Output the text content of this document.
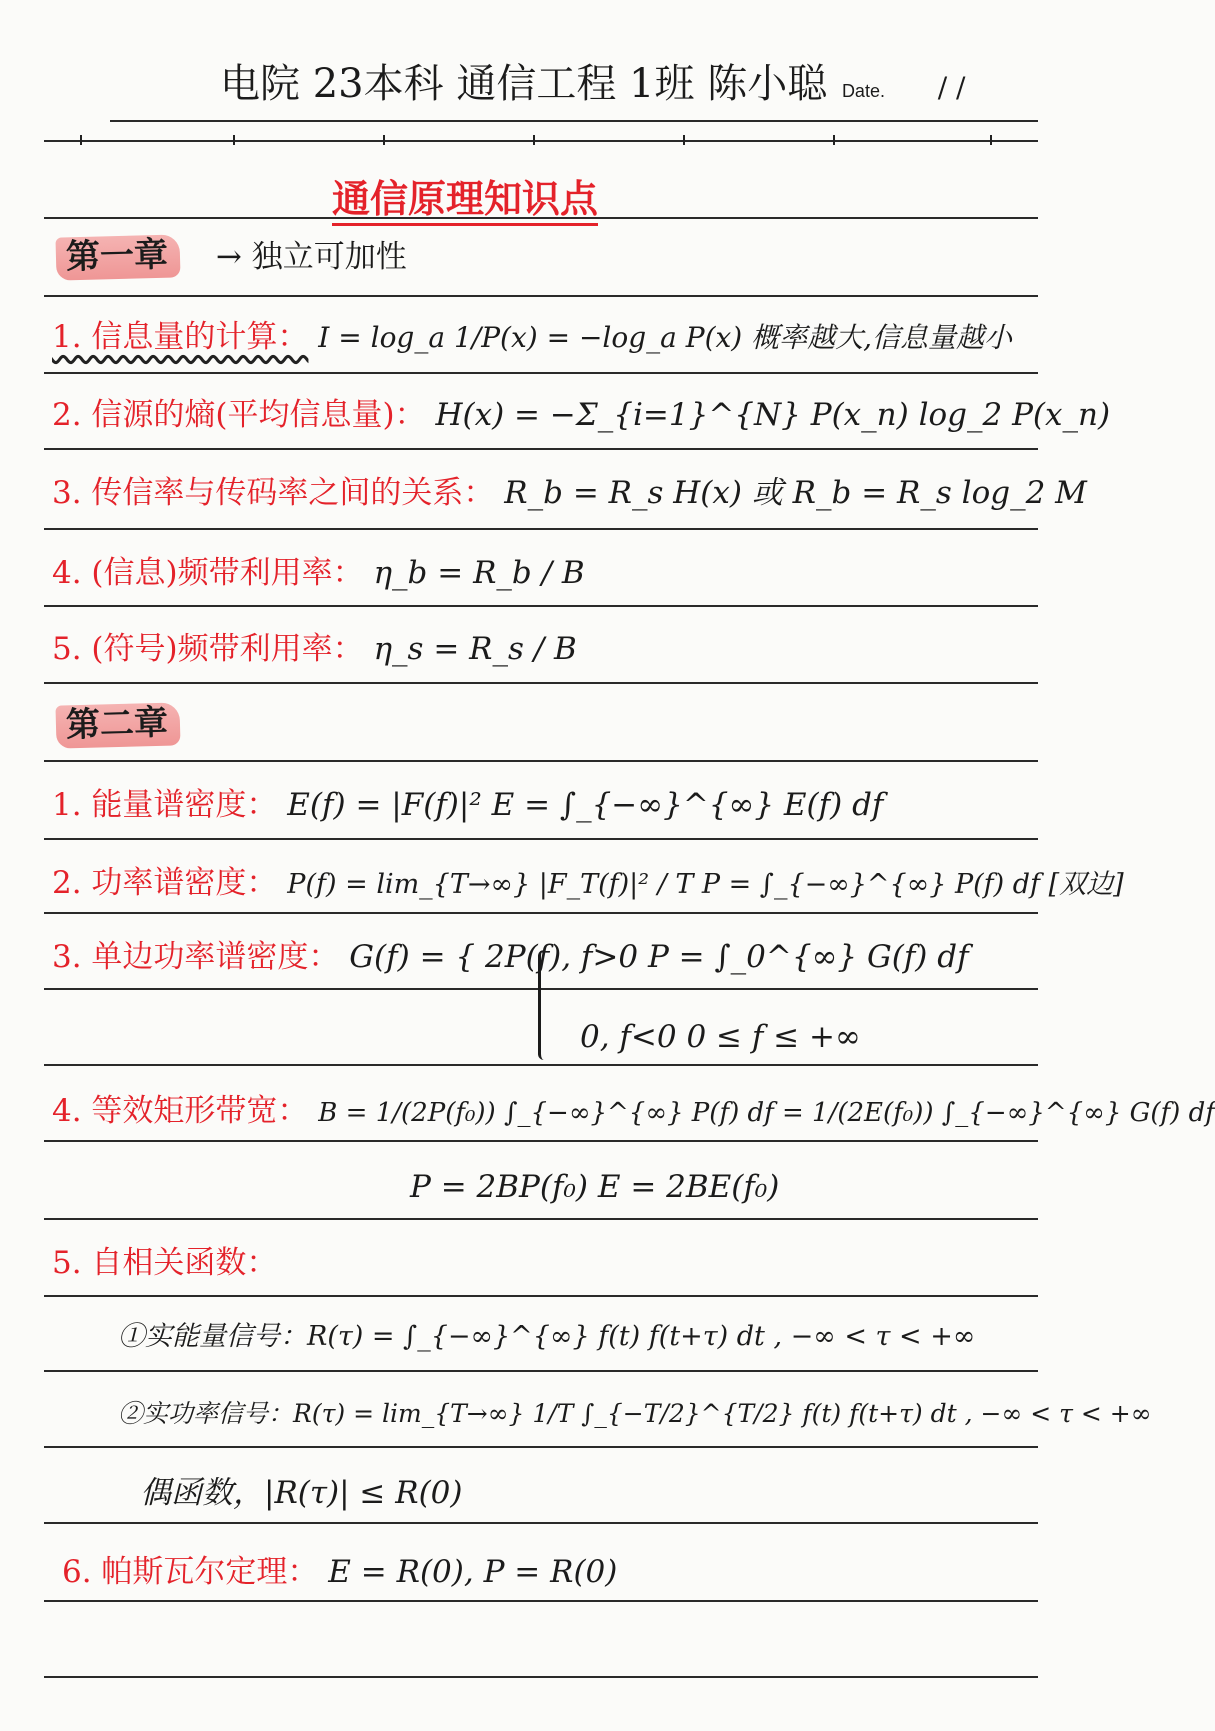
电院 23本科 通信工程 1班 陈小聪 Date. / /
通信原理知识点
第一章 → 独立可加性
1. 信息量的计算： I = log_a 1/P(x) = −log_a P(x) 概率越大,信息量越小
2. 信源的熵(平均信息量)： H(x) = −Σ_{i=1}^{N} P(x_n) log_2 P(x_n)
3. 传信率与传码率之间的关系： R_b = R_s H(x) 或 R_b = R_s log_2 M
4. (信息)频带利用率： η_b = R_b / B
5. (符号)频带利用率： η_s = R_s / B
第二章
1. 能量谱密度： E(f) = |F(f)|² E = ∫_{−∞}^{∞} E(f) df
2. 功率谱密度： P(f) = lim_{T→∞} |F_T(f)|² / T P = ∫_{−∞}^{∞} P(f) df [双边]
3. 单边功率谱密度： G(f) = { 2P(f), f>0 P = ∫_0^{∞} G(f) df
0, f<0 0 ≤ f ≤ +∞
4. 等效矩形带宽： B = 1/(2P(f₀)) ∫_{−∞}^{∞} P(f) df = 1/(2E(f₀)) ∫_{−∞}^{∞} G(f) df
P = 2BP(f₀) E = 2BE(f₀)
5. 自相关函数：
①实能量信号：R(τ) = ∫_{−∞}^{∞} f(t) f(t+τ) dt , −∞ < τ < +∞
②实功率信号：R(τ) = lim_{T→∞} 1/T ∫_{−T/2}^{T/2} f(t) f(t+τ) dt , −∞ < τ < +∞
偶函数，|R(τ)| ≤ R(0)
6. 帕斯瓦尔定理： E = R(0), P = R(0)
